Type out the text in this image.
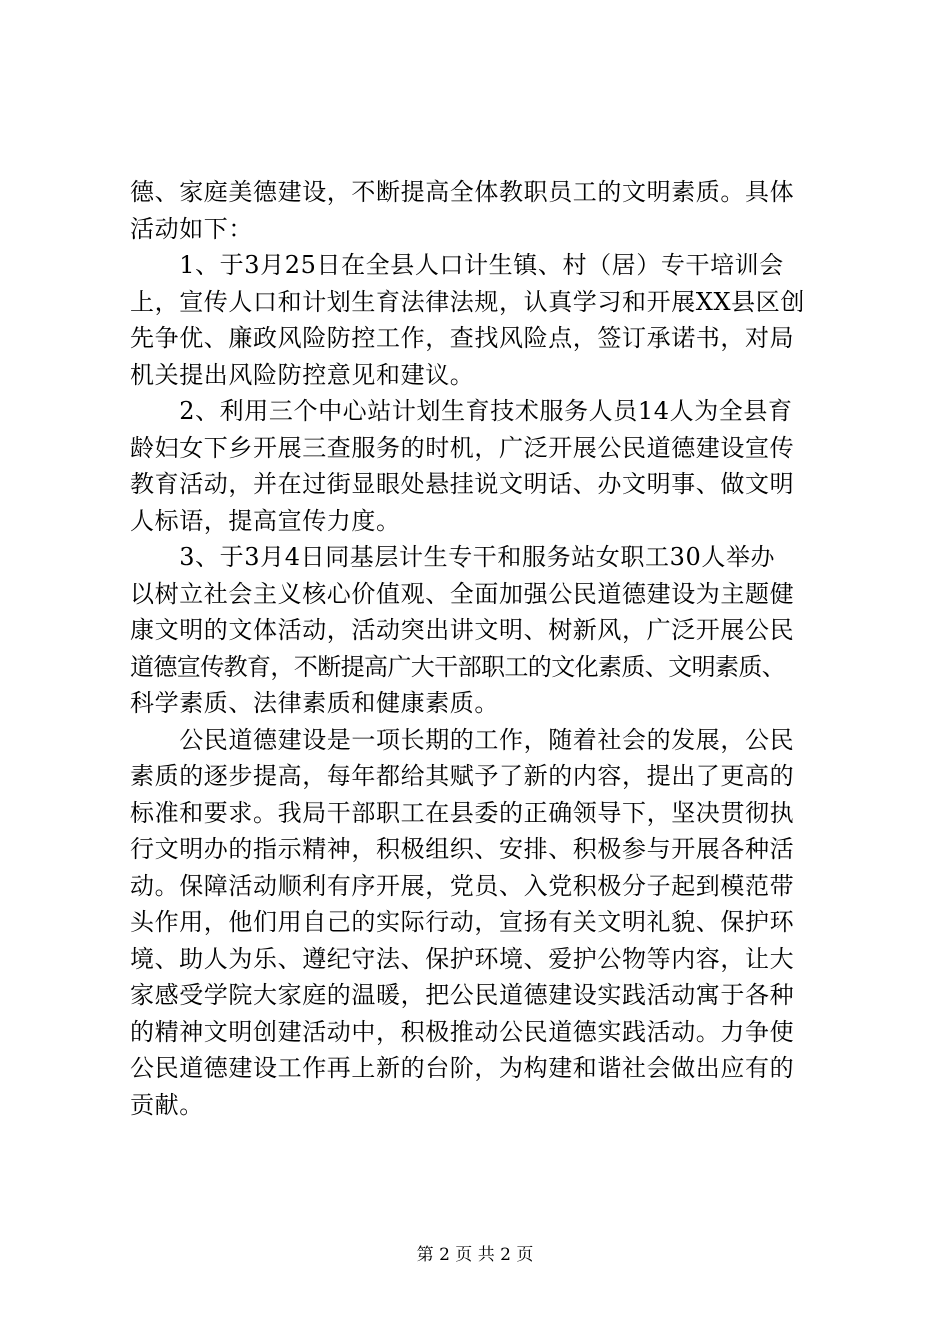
德、家庭美德建设，不断提高全体教职员工的文明素质。具体
活动如下：
　　1、于3月25日在全县人口计生镇、村（居）专干培训会
上，宣传人口和计划生育法律法规，认真学习和开展XX县区创
先争优、廉政风险防控工作，查找风险点，签订承诺书，对局
机关提出风险防控意见和建议。
　　2、利用三个中心站计划生育技术服务人员14人为全县育
龄妇女下乡开展三查服务的时机，广泛开展公民道德建设宣传
教育活动，并在过街显眼处悬挂说文明话、办文明事、做文明
人标语，提高宣传力度。
　　3、于3月4日同基层计生专干和服务站女职工30人举办
以树立社会主义核心价值观、全面加强公民道德建设为主题健
康文明的文体活动，活动突出讲文明、树新风，广泛开展公民
道德宣传教育，不断提高广大干部职工的文化素质、文明素质、
科学素质、法律素质和健康素质。
　　公民道德建设是一项长期的工作，随着社会的发展，公民
素质的逐步提高，每年都给其赋予了新的内容，提出了更高的
标准和要求。我局干部职工在县委的正确领导下，坚决贯彻执
行文明办的指示精神，积极组织、安排、积极参与开展各种活
动。保障活动顺利有序开展，党员、入党积极分子起到模范带
头作用，他们用自己的实际行动，宣扬有关文明礼貌、保护环
境、助人为乐、遵纪守法、保护环境、爱护公物等内容，让大
家感受学院大家庭的温暖，把公民道德建设实践活动寓于各种
的精神文明创建活动中，积极推动公民道德实践活动。力争使
公民道德建设工作再上新的台阶，为构建和谐社会做出应有的
贡献。
第 2 页 共 2 页
